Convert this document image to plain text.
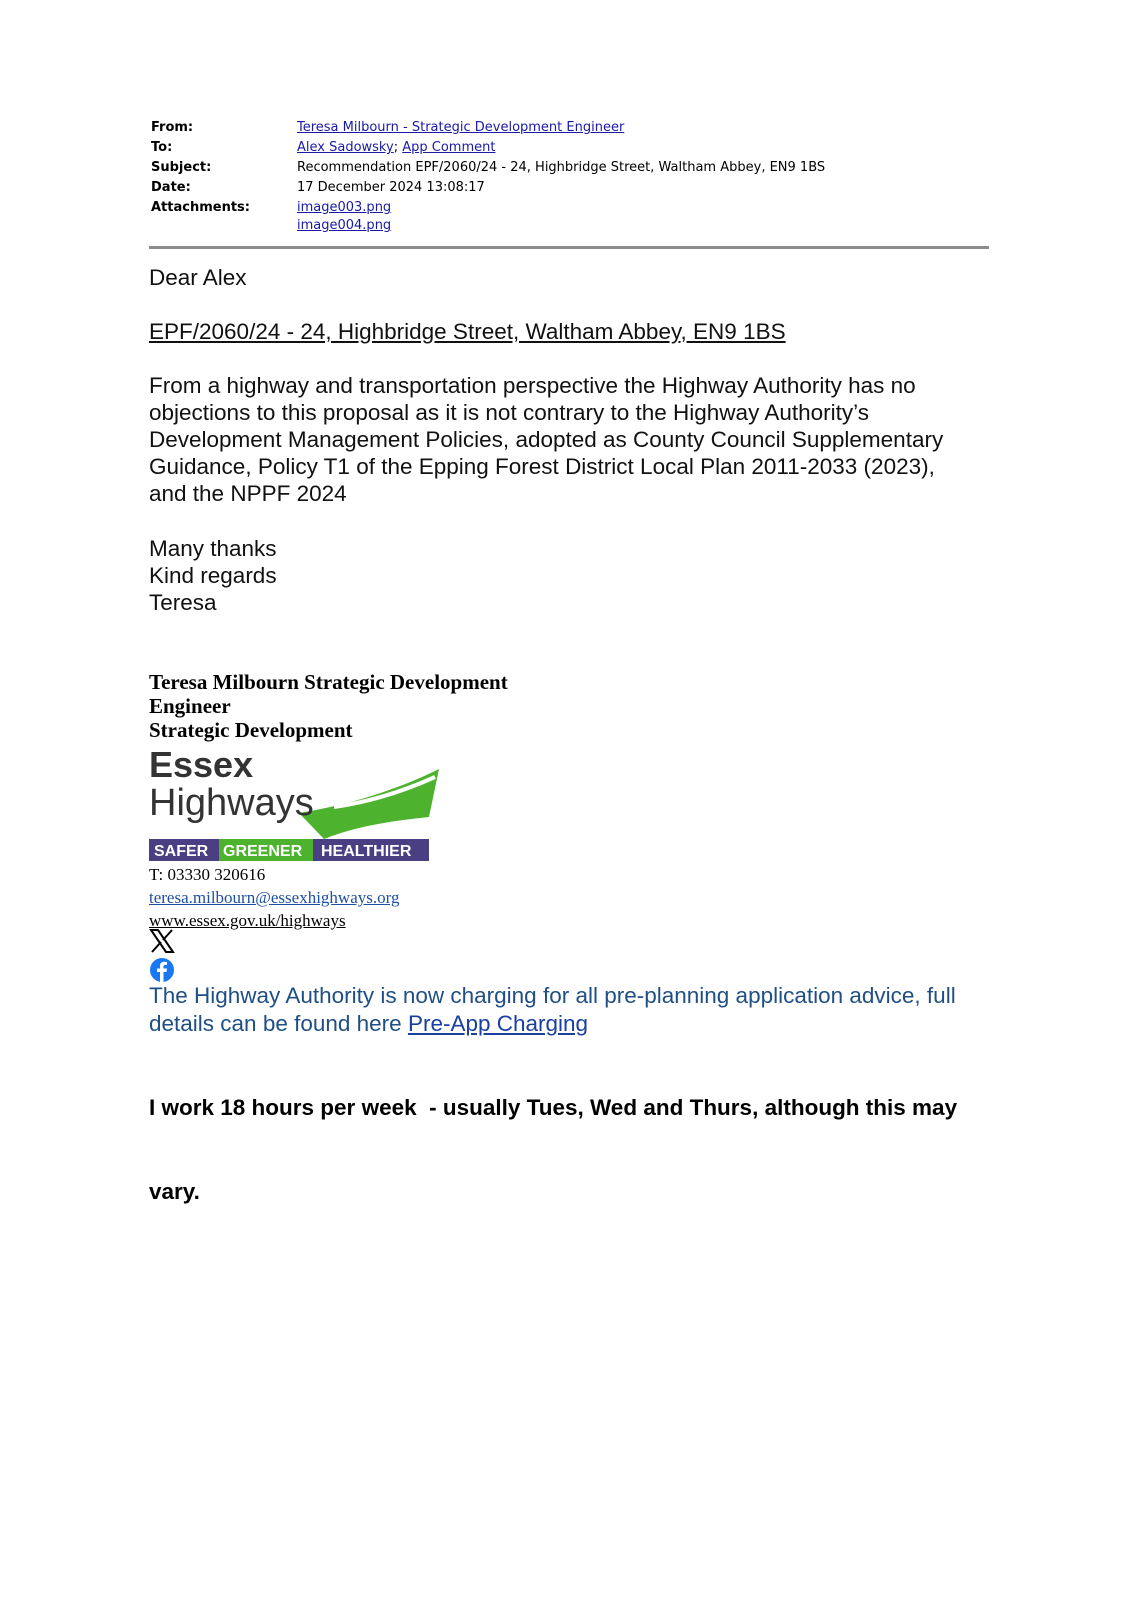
From:	Teresa Milbourn - Strategic Development Engineer
To:	Alex Sadowsky; App Comment
Subject:	Recommendation EPF/2060/24 - 24, Highbridge Street, Waltham Abbey, EN9 1BS
Date:	17 December 2024 13:08:17
Attachments:	image003.png
image004.png
Dear Alex
EPF/2060/24 - 24, Highbridge Street, Waltham Abbey, EN9 1BS
From a highway and transportation perspective the Highway Authority has no
objections to this proposal as it is not contrary to the Highway Authority’s
Development Management Policies, adopted as County Council Supplementary
Guidance, Policy T1 of the Epping Forest District Local Plan 2011-2033 (2023),
and the NPPF 2024
Many thanks
Kind regards
Teresa
Teresa Milbourn Strategic Development
Engineer
Strategic Development
Essex
Highways
SAFER GREENER HEALTHIER
T: 03330 320616
teresa.milbourn@essexhighways.org
www.essex.gov.uk/highways
The Highway Authority is now charging for all pre-planning application advice, full
details can be found here Pre-App Charging

I work 18 hours per week  - usually Tues, Wed and Thurs, although this may

vary.
